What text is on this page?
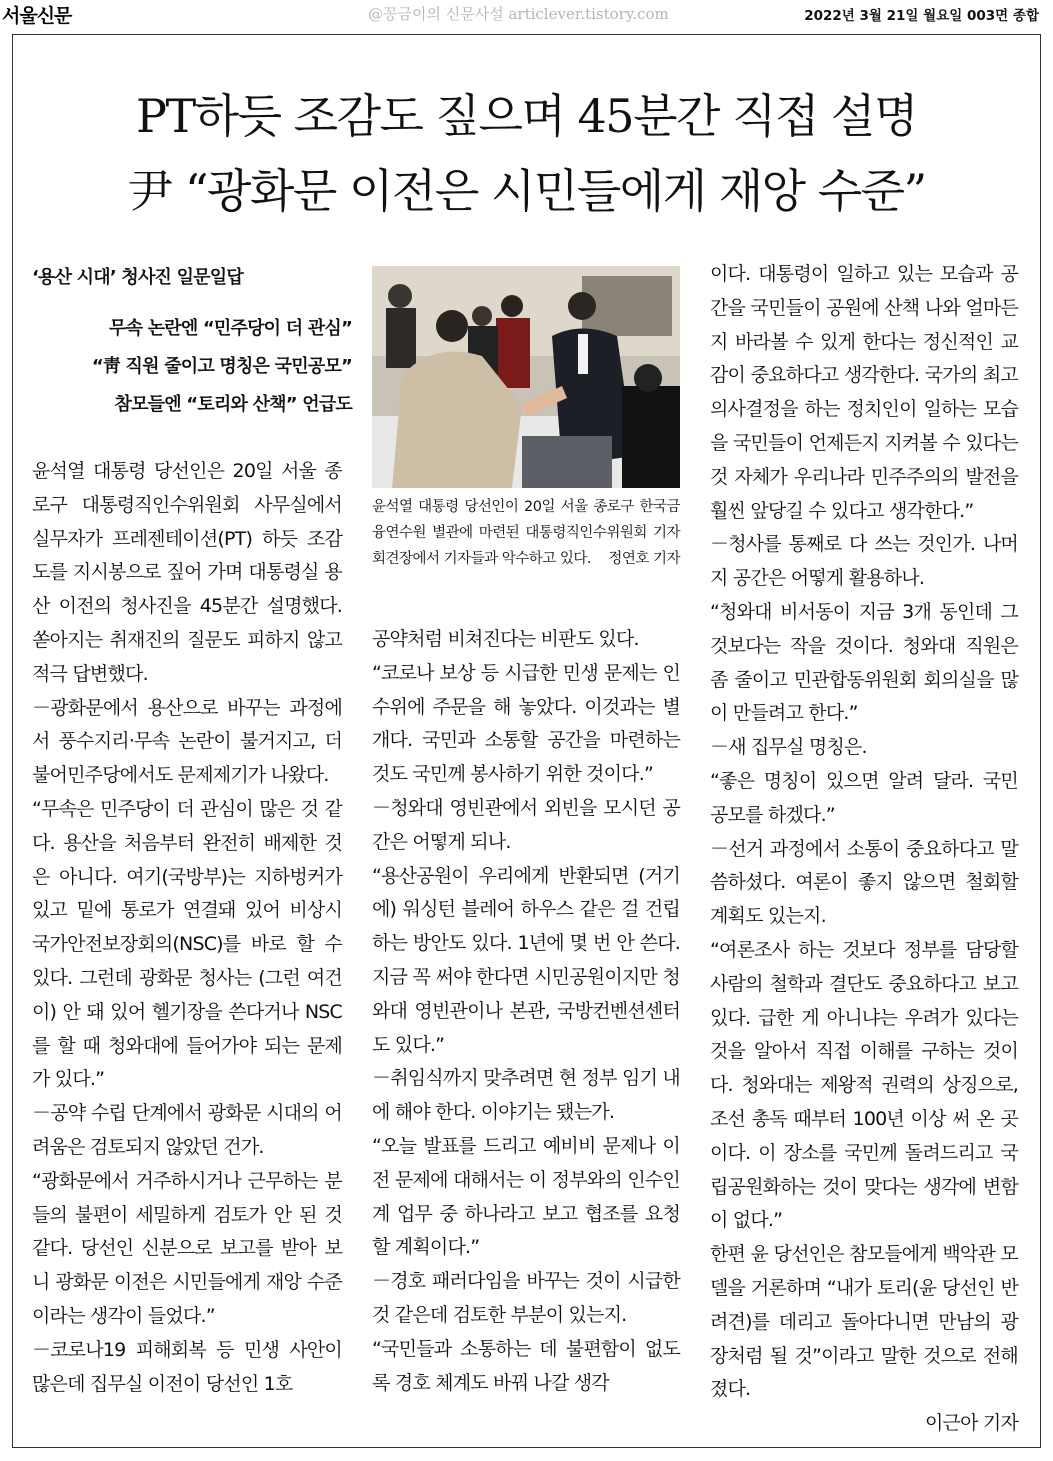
서울신문	@꽁금이의 신문사설 articlever.tistory.com	2022년 3월 21일 월요일 003면 종합
PT하듯 조감도 짚으며 45분간 직접 설명
尹 “광화문 이전은 시민들에게 재앙 수준”
‘용산 시대’ 청사진 일문일답
무속 논란엔 “민주당이 더 관심”
“靑 직원 줄이고 명칭은 국민공모”
참모들엔 “토리와 산책” 언급도
윤석열 대통령 당선인이 20일 서울 종로구 한국금융연수원 별관에 마련된 대통령직인수위원회 기자회견장에서 기자들과 악수하고 있다. 정연호 기자

윤석열 대통령 당선인은 20일 서울 종로구 대통령직인수위원회 사무실에서 실무자가 프레젠테이션(PT) 하듯 조감도를 지시봉으로 짚어 가며 대통령실 용산 이전의 청사진을 45분간 설명했다. 쏟아지는 취재진의 질문도 피하지 않고 적극 답변했다.

－광화문에서 용산으로 바꾸는 과정에서 풍수지리·무속 논란이 불거지고, 더불어민주당에서도 문제제기가 나왔다.

“무속은 민주당이 더 관심이 많은 것 같다. 용산을 처음부터 완전히 배제한 것은 아니다. 여기(국방부)는 지하벙커가 있고 밑에 통로가 연결돼 있어 비상시 국가안전보장회의(NSC)를 바로 할 수 있다. 그런데 광화문 청사는 (그런 여건이) 안 돼 있어 헬기장을 쓴다거나 NSC를 할 때 청와대에 들어가야 되는 문제가 있다.”

－공약 수립 단계에서 광화문 시대의 어려움은 검토되지 않았던 건가.

“광화문에서 거주하시거나 근무하는 분들의 불편이 세밀하게 검토가 안 된 것 같다. 당선인 신분으로 보고를 받아 보니 광화문 이전은 시민들에게 재앙 수준이라는 생각이 들었다.”

－코로나19 피해회복 등 민생 사안이 많은데 집무실 이전이 당선인 1호

공약처럼 비쳐진다는 비판도 있다.

“코로나 보상 등 시급한 민생 문제는 인수위에 주문을 해 놓았다. 이것과는 별개다. 국민과 소통할 공간을 마련하는 것도 국민께 봉사하기 위한 것이다.”

－청와대 영빈관에서 외빈을 모시던 공간은 어떻게 되나.

“용산공원이 우리에게 반환되면 (거기에) 워싱턴 블레어 하우스 같은 걸 건립하는 방안도 있다. 1년에 몇 번 안 쓴다. 지금 꼭 써야 한다면 시민공원이지만 청와대 영빈관이나 본관, 국방컨벤션센터도 있다.”

－취임식까지 맞추려면 현 정부 임기 내에 해야 한다. 이야기는 됐는가.

“오늘 발표를 드리고 예비비 문제나 이전 문제에 대해서는 이 정부와의 인수인계 업무 중 하나라고 보고 협조를 요청할 계획이다.”

－경호 패러다임을 바꾸는 것이 시급한 것 같은데 검토한 부분이 있는지.

“국민들과 소통하는 데 불편함이 없도록 경호 체계도 바꿔 나갈 생각

이다. 대통령이 일하고 있는 모습과 공간을 국민들이 공원에 산책 나와 얼마든지 바라볼 수 있게 한다는 정신적인 교감이 중요하다고 생각한다. 국가의 최고 의사결정을 하는 정치인이 일하는 모습을 국민들이 언제든지 지켜볼 수 있다는 것 자체가 우리나라 민주주의의 발전을 훨씬 앞당길 수 있다고 생각한다.”

－청사를 통째로 다 쓰는 것인가. 나머지 공간은 어떻게 활용하나.

“청와대 비서동이 지금 3개 동인데 그것보다는 작을 것이다. 청와대 직원은 좀 줄이고 민관합동위원회 회의실을 많이 만들려고 한다.”

－새 집무실 명칭은.

“좋은 명칭이 있으면 알려 달라. 국민 공모를 하겠다.”

－선거 과정에서 소통이 중요하다고 말씀하셨다. 여론이 좋지 않으면 철회할 계획도 있는지.

“여론조사 하는 것보다 정부를 담당할 사람의 철학과 결단도 중요하다고 보고 있다. 급한 게 아니냐는 우려가 있다는 것을 알아서 직접 이해를 구하는 것이다. 청와대는 제왕적 권력의 상징으로, 조선 총독 때부터 100년 이상 써 온 곳이다. 이 장소를 국민께 돌려드리고 국립공원화하는 것이 맞다는 생각에 변함이 없다.”

한편 윤 당선인은 참모들에게 백악관 모델을 거론하며 “내가 토리(윤 당선인 반려견)를 데리고 돌아다니면 만남의 광장처럼 될 것”이라고 말한 것으로 전해졌다.

이근아 기자
